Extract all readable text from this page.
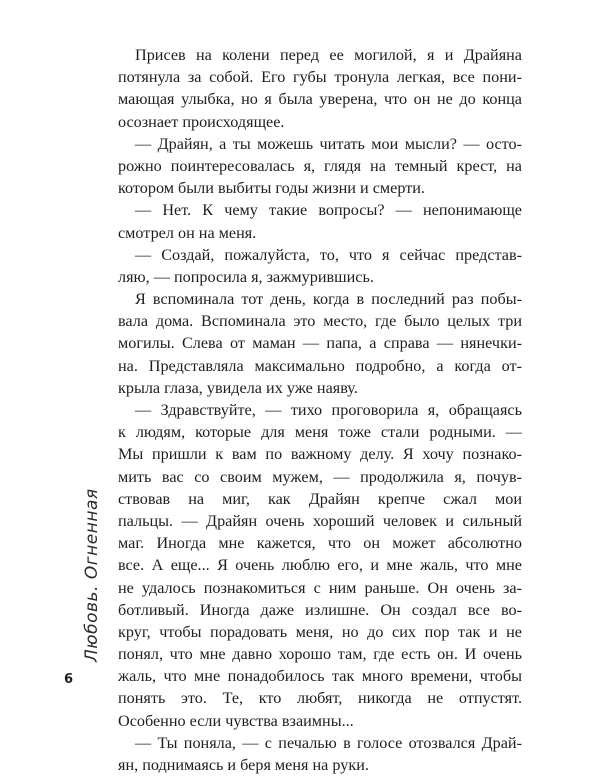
Любовь. Огненная
6
Присев на колени перед ее могилой, я и Драйяна
потянула за собой. Его губы тронула легкая, все пони-
мающая улыбка, но я была уверена, что он не до конца
осознает происходящее.
— Драйян, а ты можешь читать мои мысли? — осто-
рожно поинтересовалась я, глядя на темный крест, на
котором были выбиты годы жизни и смерти.
— Нет. К чему такие вопросы? — непонимающе
смотрел он на меня.
— Создай, пожалуйста, то, что я сейчас представ-
ляю, — попросила я, зажмурившись.
Я вспоминала тот день, когда в последний раз побы-
вала дома. Вспоминала это место, где было целых три
могилы. Слева от маман — папа, а справа — нянечки-
на. Представляла максимально подробно, а когда от-
крыла глаза, увидела их уже наяву.
— Здравствуйте, — тихо проговорила я, обращаясь
к людям, которые для меня тоже стали родными. —
Мы пришли к вам по важному делу. Я хочу познако-
мить вас со своим мужем, — продолжила я, почув-
ствовав на миг, как Драйян крепче сжал мои
пальцы. — Драйян очень хороший человек и сильный
маг. Иногда мне кажется, что он может абсолютно
все. А еще... Я очень люблю его, и мне жаль, что мне
не удалось познакомиться с ним раньше. Он очень за-
ботливый. Иногда даже излишне. Он создал все во-
круг, чтобы порадовать меня, но до сих пор так и не
понял, что мне давно хорошо там, где есть он. И очень
жаль, что мне понадобилось так много времени, чтобы
понять это. Те, кто любят, никогда не отпустят.
Особенно если чувства взаимны...
— Ты поняла, — с печалью в голосе отозвался Драй-
ян, поднимаясь и беря меня на руки.
